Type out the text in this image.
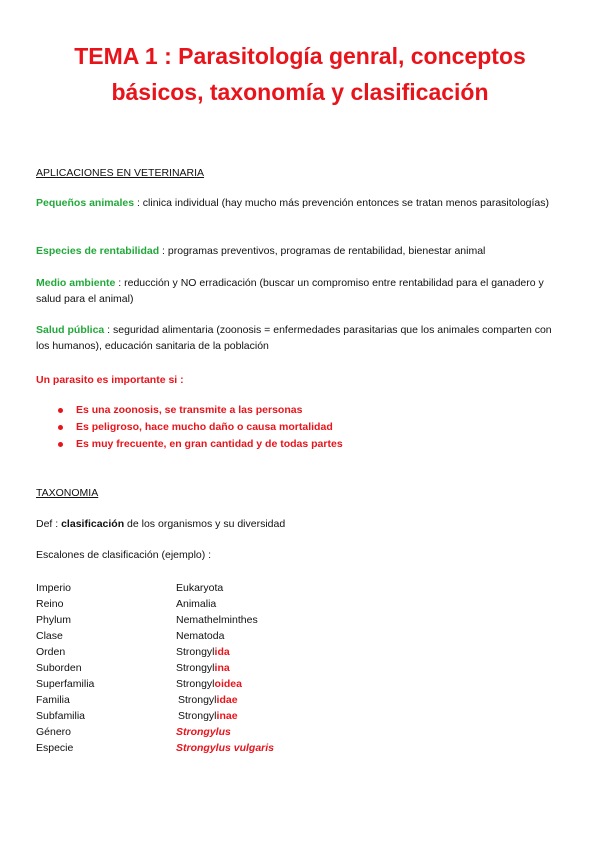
TEMA 1 : Parasitología genral, conceptos
básicos, taxonomía y clasificación
APLICACIONES EN VETERINARIA
Pequeños animales : clinica individual (hay mucho más prevención entonces se tratan menos parasitologías)
Especies de rentabilidad : programas preventivos, programas de rentabilidad, bienestar animal
Medio ambiente : reducción y NO erradicación (buscar un compromiso entre rentabilidad para el ganadero y salud para el animal)
Salud pública : seguridad alimentaria (zoonosis = enfermedades parasitarias que los animales comparten con los humanos), educación sanitaria de la población
Un parasito es importante si :
Es una zoonosis, se transmite a las personas
Es peligroso, hace mucho daño o causa mortalidad
Es muy frecuente, en gran cantidad y de todas partes
TAXONOMIA
Def : clasificación de los organismos y su diversidad
Escalones de clasificación (ejemplo) :
Imperio	Eukaryota
Reino	Animalia
Phylum	Nemathelminthes
Clase	Nematoda
Orden	Strongylida
Suborden	Strongylina
Superfamilia	Strongyloidea
Familia	Strongylidae
Subfamilia	Strongylinae
Género	Strongylus
Especie	Strongylus vulgaris
